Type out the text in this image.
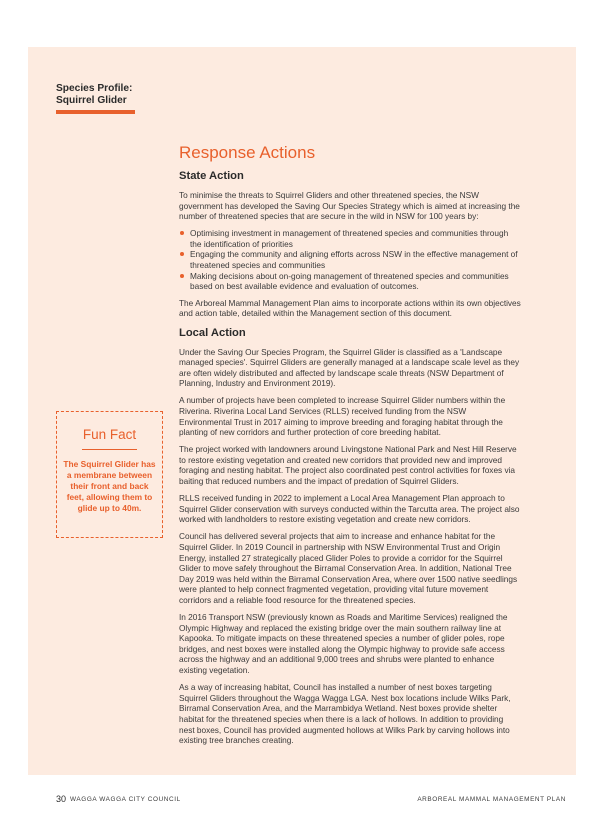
Species Profile:
Squirrel Glider
Fun Fact
The Squirrel Glider has a membrane between their front and back feet, allowing them to glide up to 40m.
Response Actions
State Action

To minimise the threats to Squirrel Gliders and other threatened species, the NSW government has developed the Saving Our Species Strategy which is aimed at increasing the number of threatened species that are secure in the wild in NSW for 100 years by:

Optimising investment in management of threatened species and communities through the identification of priorities
Engaging the community and aligning efforts across NSW in the effective management of threatened species and communities
Making decisions about on-going management of threatened species and communities based on best available evidence and evaluation of outcomes.

The Arboreal Mammal Management Plan aims to incorporate actions within its own objectives and action table, detailed within the Management section of this document.

Local Action

Under the Saving Our Species Program, the Squirrel Glider is classified as a 'Landscape managed species'. Squirrel Gliders are generally managed at a landscape scale level as they are often widely distributed and affected by landscape scale threats (NSW Department of Planning, Industry and Environment 2019).

A number of projects have been completed to increase Squirrel Glider numbers within the Riverina. Riverina Local Land Services (RLLS) received funding from the NSW Environmental Trust in 2017 aiming to improve breeding and foraging habitat through the planting of new corridors and further protection of core breeding habitat.

The project worked with landowners around Livingstone National Park and Nest Hill Reserve to restore existing vegetation and created new corridors that provided new and improved foraging and nesting habitat. The project also coordinated pest control activities for foxes via baiting that reduced numbers and the impact of predation of Squirrel Gliders.

RLLS received funding in 2022 to implement a Local Area Management Plan approach to Squirrel Glider conservation with surveys conducted within the Tarcutta area. The project also worked with landholders to restore existing vegetation and create new corridors.

Council has delivered several projects that aim to increase and enhance habitat for the Squirrel Glider. In 2019 Council in partnership with NSW Environmental Trust and Origin Energy, installed 27 strategically placed Glider Poles to provide a corridor for the Squirrel Glider to move safely throughout the Birramal Conservation Area. In addition, National Tree Day 2019 was held within the Birramal Conservation Area, where over 1500 native seedlings were planted to help connect fragmented vegetation, providing vital future movement corridors and a reliable food resource for the threatened species.

In 2016 Transport NSW (previously known as Roads and Maritime Services) realigned the Olympic Highway and replaced the existing bridge over the main southern railway line at Kapooka. To mitigate impacts on these threatened species a number of glider poles, rope bridges, and nest boxes were installed along the Olympic highway to provide safe access across the highway and an additional 9,000 trees and shrubs were planted to enhance existing vegetation.

As a way of increasing habitat, Council has installed a number of nest boxes targeting Squirrel Gliders throughout the Wagga Wagga LGA. Nest box locations include Wilks Park, Birramal Conservation Area, and the Marrambidya Wetland. Nest boxes provide shelter habitat for the threatened species when there is a lack of hollows. In addition to providing nest boxes, Council has provided augmented hollows at Wilks Park by carving hollows into existing tree branches creating.

30 WAGGA WAGGA CITY COUNCIL	ARBOREAL MAMMAL MANAGEMENT PLAN
